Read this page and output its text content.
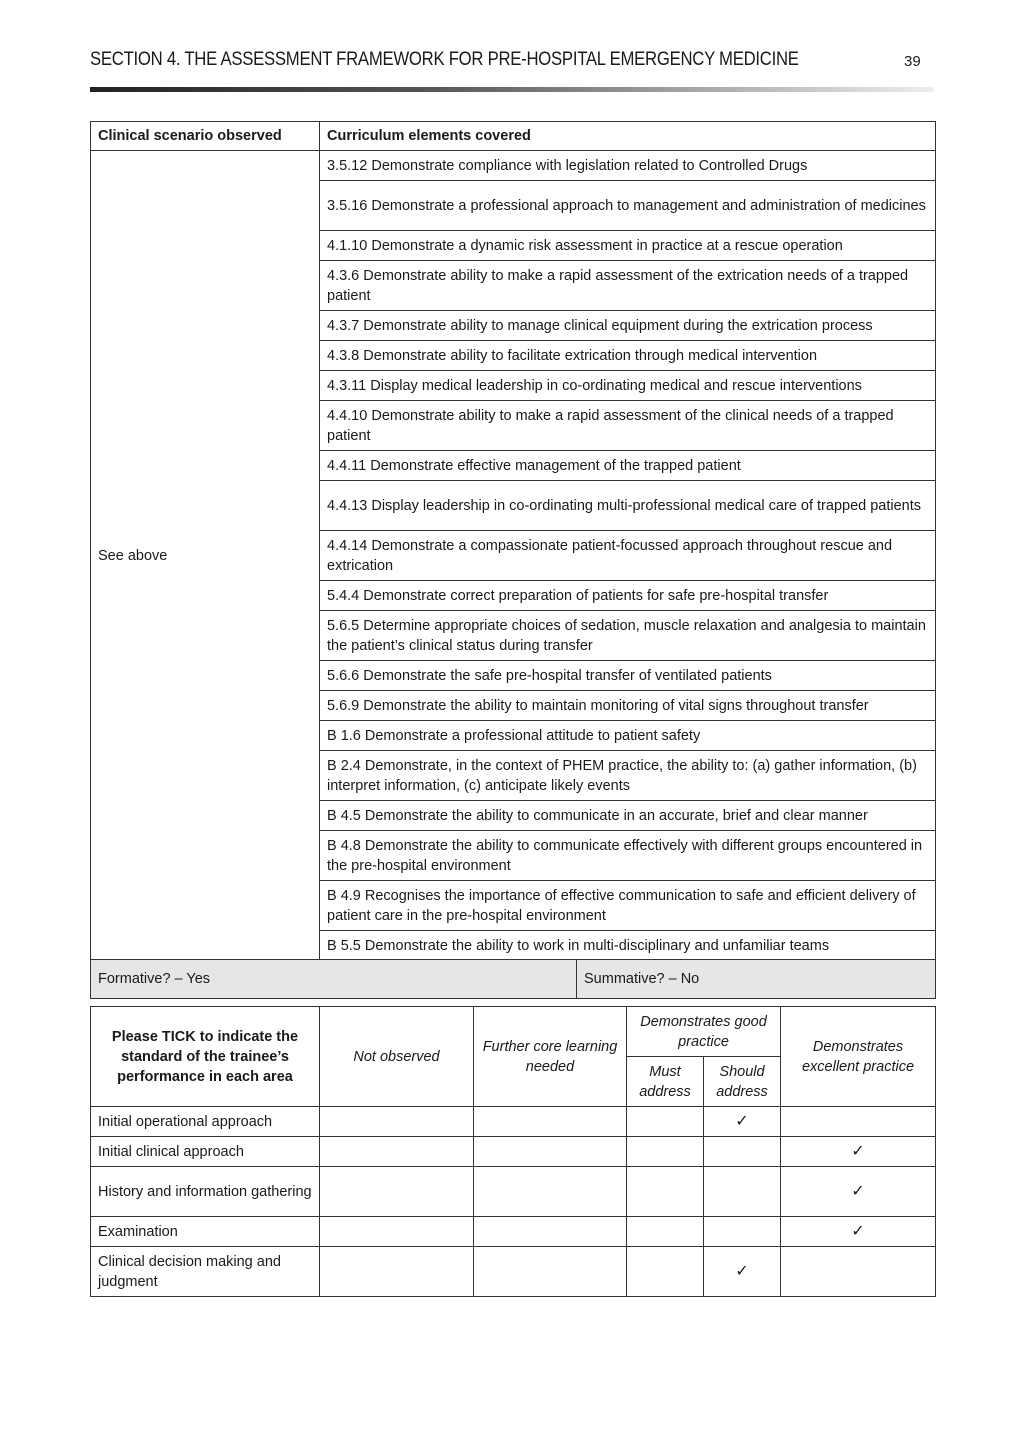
SECTION 4. THE ASSESSMENT FRAMEWORK FOR PRE-HOSPITAL EMERGENCY MEDICINE	39
Clinical scenario observed	Curriculum elements covered
See above	3.5.12 Demonstrate compliance with legislation related to Controlled Drugs
	3.5.16 Demonstrate a professional approach to management and administration of medicines
	4.1.10 Demonstrate a dynamic risk assessment in practice at a rescue operation
	4.3.6 Demonstrate ability to make a rapid assessment of the extrication needs of a trapped patient
	4.3.7 Demonstrate ability to manage clinical equipment during the extrication process
	4.3.8 Demonstrate ability to facilitate extrication through medical intervention
	4.3.11 Display medical leadership in co-ordinating medical and rescue interventions
	4.4.10 Demonstrate ability to make a rapid assessment of the clinical needs of a trapped patient
	4.4.11 Demonstrate effective management of the trapped patient
	4.4.13 Display leadership in co-ordinating multi-professional medical care of trapped patients
	4.4.14 Demonstrate a compassionate patient-focussed approach throughout rescue and extrication
	5.4.4 Demonstrate correct preparation of patients for safe pre-hospital transfer
	5.6.5 Determine appropriate choices of sedation, muscle relaxation and analgesia to maintain the patient’s clinical status during transfer
	5.6.6 Demonstrate the safe pre-hospital transfer of ventilated patients
	5.6.9 Demonstrate the ability to maintain monitoring of vital signs throughout transfer
	B 1.6 Demonstrate a professional attitude to patient safety
	B 2.4 Demonstrate, in the context of PHEM practice, the ability to: (a) gather information, (b) interpret information, (c) anticipate likely events
	B 4.5 Demonstrate the ability to communicate in an accurate, brief and clear manner
	B 4.8 Demonstrate the ability to communicate effectively with different groups encountered in the pre-hospital environment
	B 4.9 Recognises the importance of effective communication to safe and efficient delivery of patient care in the pre-hospital environment
	B 5.5 Demonstrate the ability to work in multi-disciplinary and unfamiliar teams
Formative? – Yes	Summative? – No
Please TICK to indicate the standard of the trainee’s performance in each area	Not observed	Further core learning needed	Demonstrates good practice		Demonstrates excellent practice
			Must address	Should address	
Initial operational approach				✓	
Initial clinical approach					✓
History and information gathering					✓
Examination					✓
Clinical decision making and judgment				✓	
